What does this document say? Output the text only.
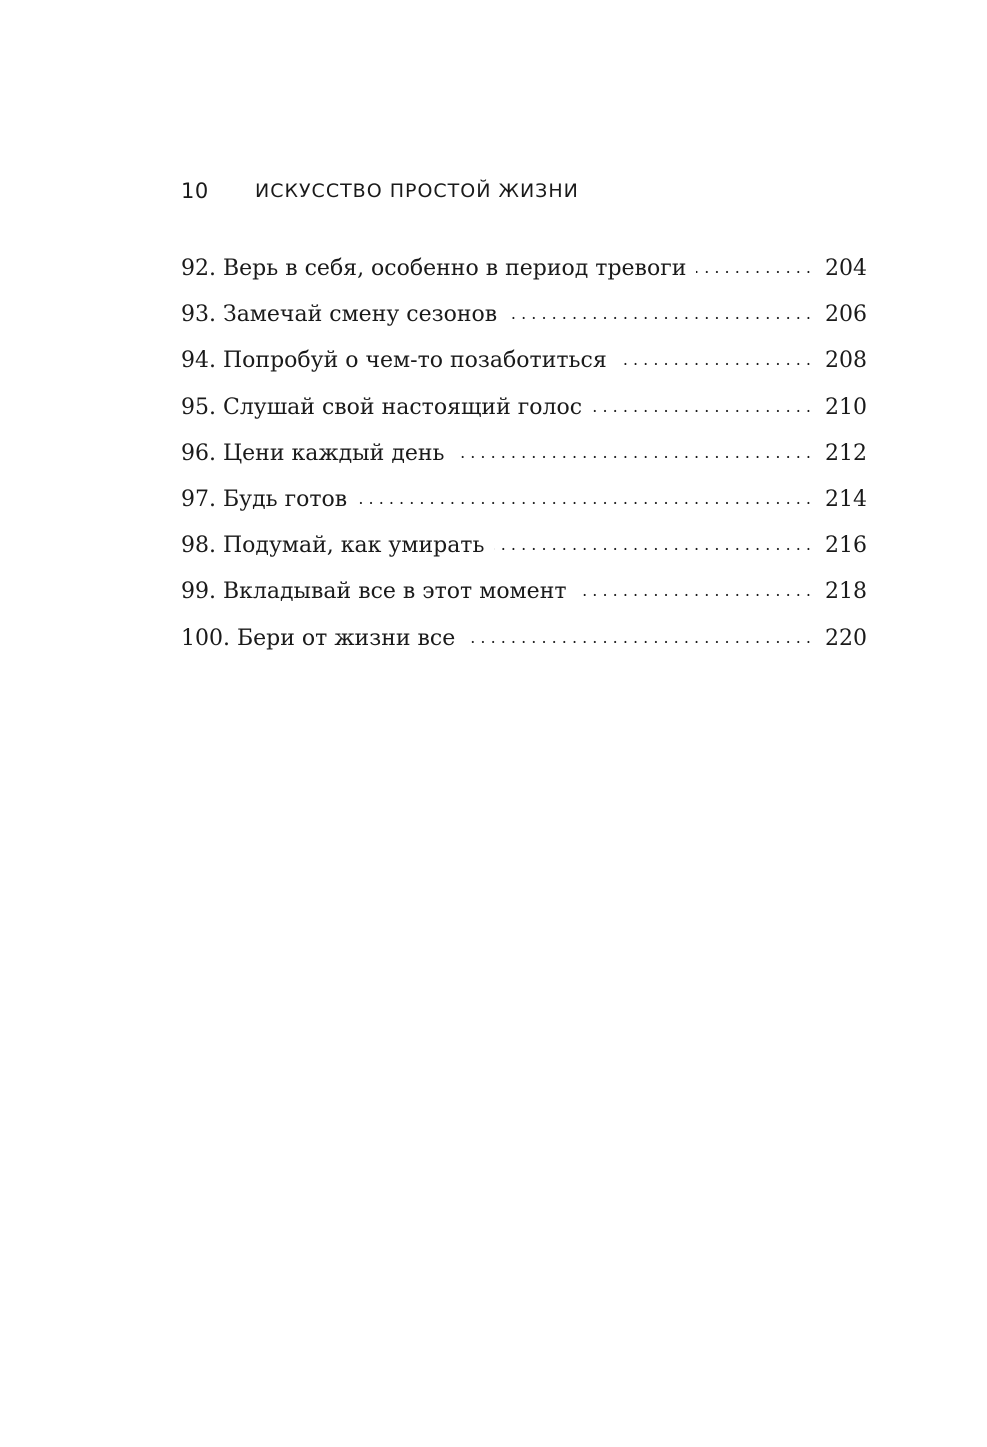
10	ИСКУССТВО ПРОСТОЙ ЖИЗНИ
92. Верь в себя, особенно в период тревоги . . .	204
93. Замечай смену сезонов . . .	206
94. Попробуй о чем-то позаботиться . . .	208
95. Слушай свой настоящий голос . . .	210
96. Цени каждый день . . .	212
97. Будь готов . . .	214
98. Подумай, как умирать . . .	216
99. Вкладывай все в этот момент . . .	218
100. Бери от жизни все . . .	220
